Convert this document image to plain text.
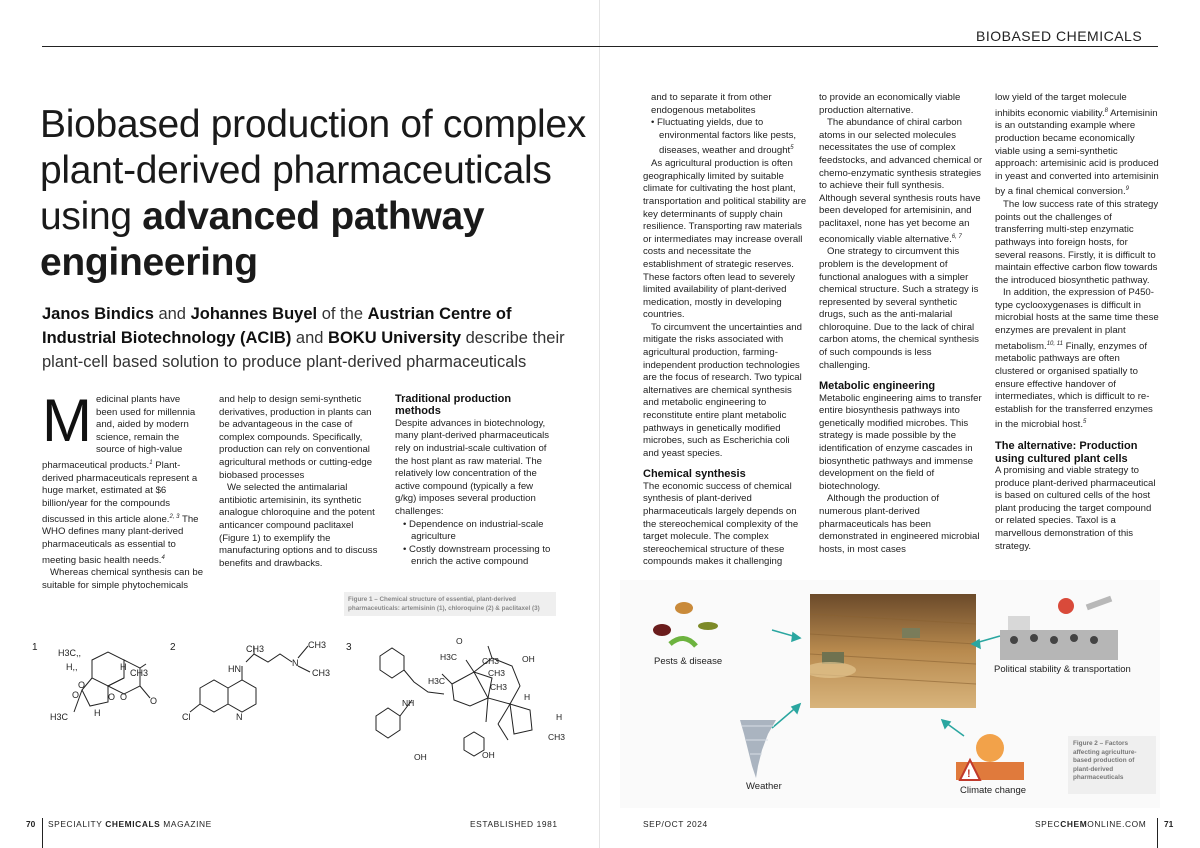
BIOBASED CHEMICALS
Biobased production of complex
plant-derived pharmaceuticals
using advanced pathway
engineering
Janos Bindics and Johannes Buyel of the Austrian Centre of Industrial Biotechnology (ACIB) and BOKU University describe their plant-cell based solution to produce plant-derived pharmaceuticals

Medicinal plants have been used for millennia and, aided by modern science, remain the source of high-value pharmaceutical products.$^1$ Plant-derived pharmaceuticals represent a huge market, estimated at $6 billion/year for the compounds discussed in this article alone.$^{2, 3}$ The WHO defines many plant-derived pharmaceuticals as essential to meeting basic health needs.$^4$

Whereas chemical synthesis can be suitable for simple phytochemicals

and help to design semi-synthetic derivatives, production in plants can be advantageous in the case of complex compounds. Specifically, production can rely on conventional agricultural methods or cutting-edge biobased processes

We selected the antimalarial antibiotic artemisinin, its synthetic analogue chloroquine and the potent anticancer compound paclitaxel (Figure 1) to exemplify the manufacturing options and to discuss benefits and drawbacks.

Traditional production methods

Despite advances in biotechnology, many plant-derived pharmaceuticals rely on industrial-scale cultivation of the host plant as raw material. The relatively low concentration of the active compound (typically a few g/kg) imposes several production challenges:

• Dependence on industrial-scale agriculture
• Costly downstream processing to enrich the active compound

and to separate it from other endogenous metabolites

• Fluctuating yields, due to environmental factors like pests, diseases, weather and drought$^5$

As agricultural production is often geographically limited by suitable climate for cultivating the host plant, transportation and political stability are key determinants of supply chain resilience. Transporting raw materials or intermediates may increase overall costs and necessitate the establishment of strategic reserves. These factors often lead to severely limited availability of plant-derived medication, mostly in developing countries.

To circumvent the uncertainties and mitigate the risks associated with agricultural production, farming-independent production technologies are the focus of research. Two typical alternatives are chemical synthesis and metabolic engineering to reconstitute entire plant metabolic pathways in genetically modified microbes, such as Escherichia coli and yeast species.

Chemical synthesis

The economic success of chemical synthesis of plant-derived pharmaceuticals largely depends on the stereochemical complexity of the target molecule. The complex stereochemical structure of these compounds makes it challenging

to provide an economically viable production alternative.

The abundance of chiral carbon atoms in our selected molecules necessitates the use of complex feedstocks, and advanced chemical or chemo-enzymatic synthesis strategies to achieve their full synthesis. Although several synthesis routs have been developed for artemisinin, and paclitaxel, none has yet become an economically viable alternative.$^{6, 7}$

One strategy to circumvent this problem is the development of functional analogues with a simpler chemical structure. Such a strategy is represented by several synthetic drugs, such as the anti-malarial chloroquine. Due to the lack of chiral carbon atoms, the chemical synthesis of such compounds is less challenging.

Metabolic engineering

Metabolic engineering aims to transfer entire biosynthesis pathways into genetically modified microbes. This strategy is made possible by the identification of enzyme cascades in biosynthetic pathways and immense development on the field of biotechnology.

Although the production of numerous plant-derived pharmaceuticals has been demonstrated in engineered microbial hosts, in most cases

low yield of the target molecule inhibits economic viability.$^8$ Artemisinin is an outstanding example where production became economically viable using a semi-synthetic approach: artemisinic acid is produced in yeast and converted into artemisinin by a final chemical conversion.$^9$

The low success rate of this strategy points out the challenges of transferring multi-step enzymatic pathways into foreign hosts, for several reasons. Firstly, it is difficult to maintain effective carbon flow towards the introduced biosynthetic pathway.

In addition, the expression of P450-type cyclooxygenases is difficult in microbial hosts at the same time these enzymes are prevalent in plant metabolism.$^{10, 11}$ Finally, enzymes of metabolic pathways are often clustered or organised spatially to ensure effective handover of intermediates, which is difficult to re-establish for the transferred enzymes in the microbial host.$^5$

The alternative: Production using cultured plant cells

A promising and viable strategy to produce plant-derived pharmaceutical is based on cultured cells of the host plant producing the target compound or related species. Taxol is a marvellous demonstration of this strategy.

Figure 1 – Chemical structure of essential, plant-derived pharmaceuticals: artemisinin (1), chloroquine (2) & paclitaxel (3)
1	2	3
H3C,,
H,,	H
CH3
O
O	O O	O
H3C	H
CH3	CH3
CH3
HN
N
N
Cl
H3C
H3C
CH3
CH3
CH3
CH3
OH
OH	OH
NH
H
H
O
Pests & disease
Political stability & transportation
Weather
!
Climate change
Figure 2 – Factors affecting agriculture-based production of plant-derived pharmaceuticals
70 SPECIALITY CHEMICALS MAGAZINE	ESTABLISHED 1981	SEP/OCT 2024	SPECCHEMONLINE.COM 71
